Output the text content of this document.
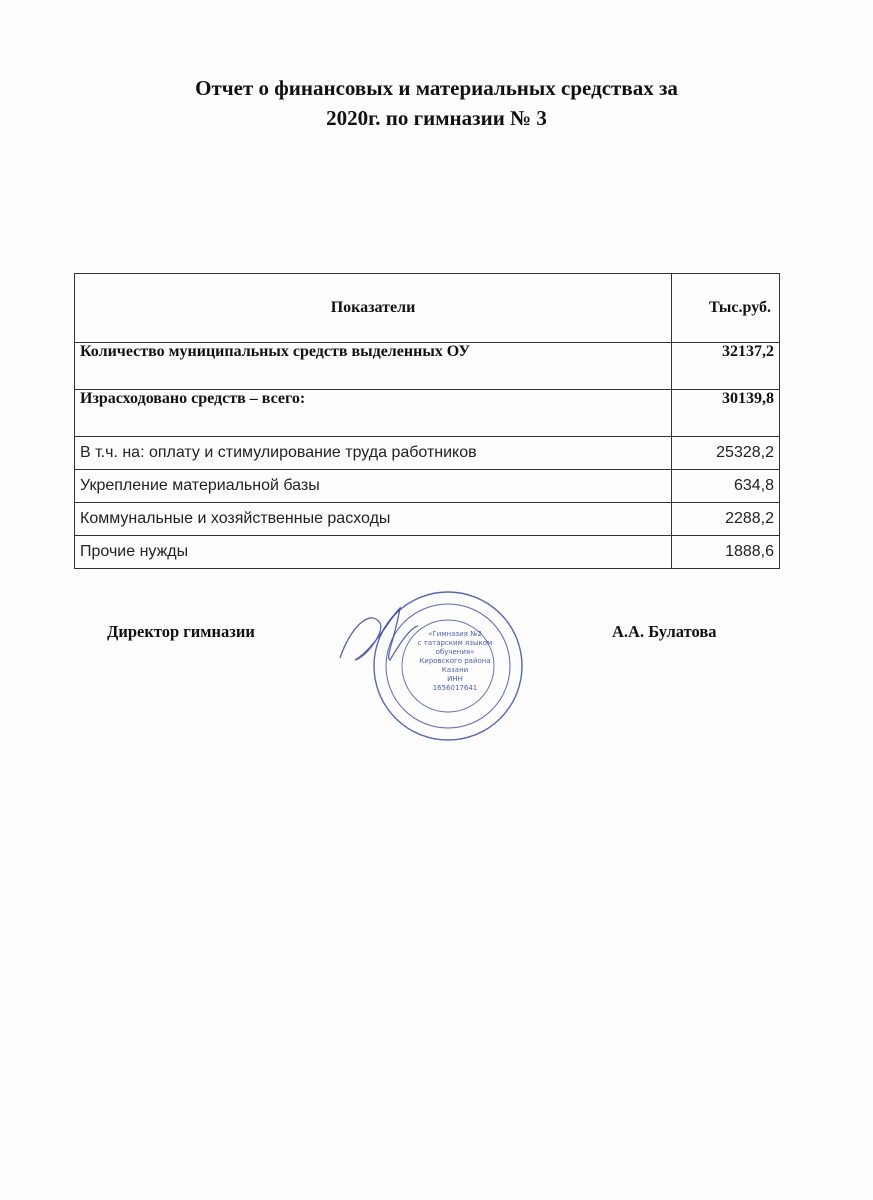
Отчет о финансовых и материальных средствах за
2020г. по гимназии № 3
Показатели	Тыс.руб.
Количество муниципальных средств выделенных ОУ	32137,2
Израсходовано средств – всего:	30139,8
В т.ч. на: оплату и стимулирование труда работников	25328,2
Укрепление материальной базы	634,8
Коммунальные и хозяйственные расходы	2288,2
Прочие нужды	1888,6

Директор гимназии	А.А. Булатова

«Гимназия №2
с татарским языком
обучения»
Кировского района
Казани
ИНН
1656017641
